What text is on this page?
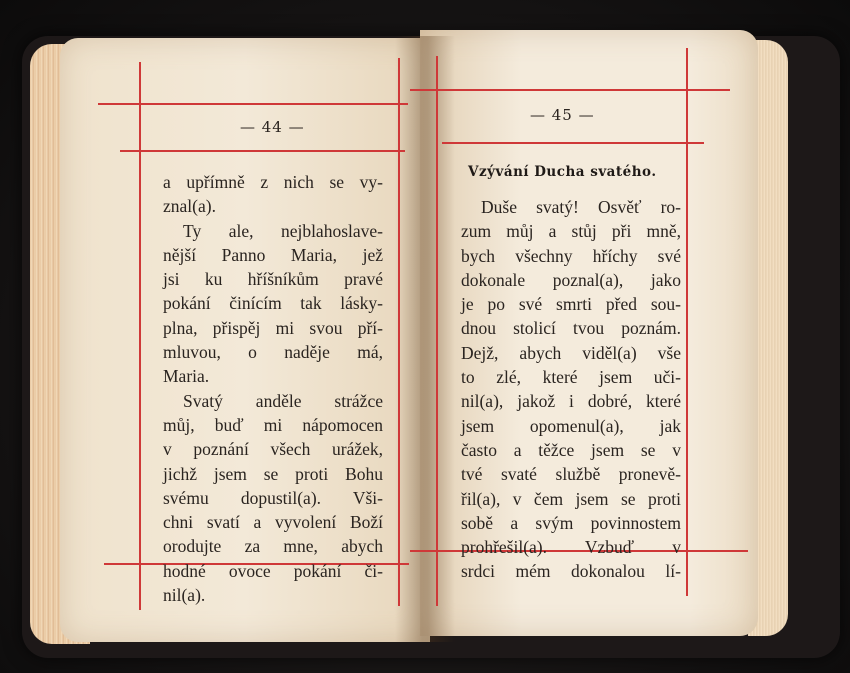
— 44 —
— 45 —
Vzývání Ducha svatého.
a upřímně z nich se vy-
znal(a).
Ty ale, nejblahoslave-
nější Panno Maria, jež
jsi ku hříšníkům pravé
pokání činícím tak lásky-
plna, přispěj mi svou pří-
mluvou, o naděje má,
Maria.
Svatý anděle strážce
můj, buď mi nápomocen
v poznání všech urážek,
jichž jsem se proti Bohu
svému dopustil(a). Vši-
chni svatí a vyvolení Boží
orodujte za mne, abych
hodné ovoce pokání či-
nil(a).
Duše svatý! Osvěť ro-
zum můj a stůj při mně,
bych všechny hříchy své
dokonale poznal(a), jako
je po své smrti před sou-
dnou stolicí tvou poznám.
Dejž, abych viděl(a) vše
to zlé, které jsem uči-
nil(a), jakož i dobré, které
jsem opomenul(a), jak
často a těžce jsem se v
tvé svaté službě pronevě-
řil(a), v čem jsem se proti
sobě a svým povinnostem
prohřešil(a). Vzbuď v
srdci mém dokonalou lí-
